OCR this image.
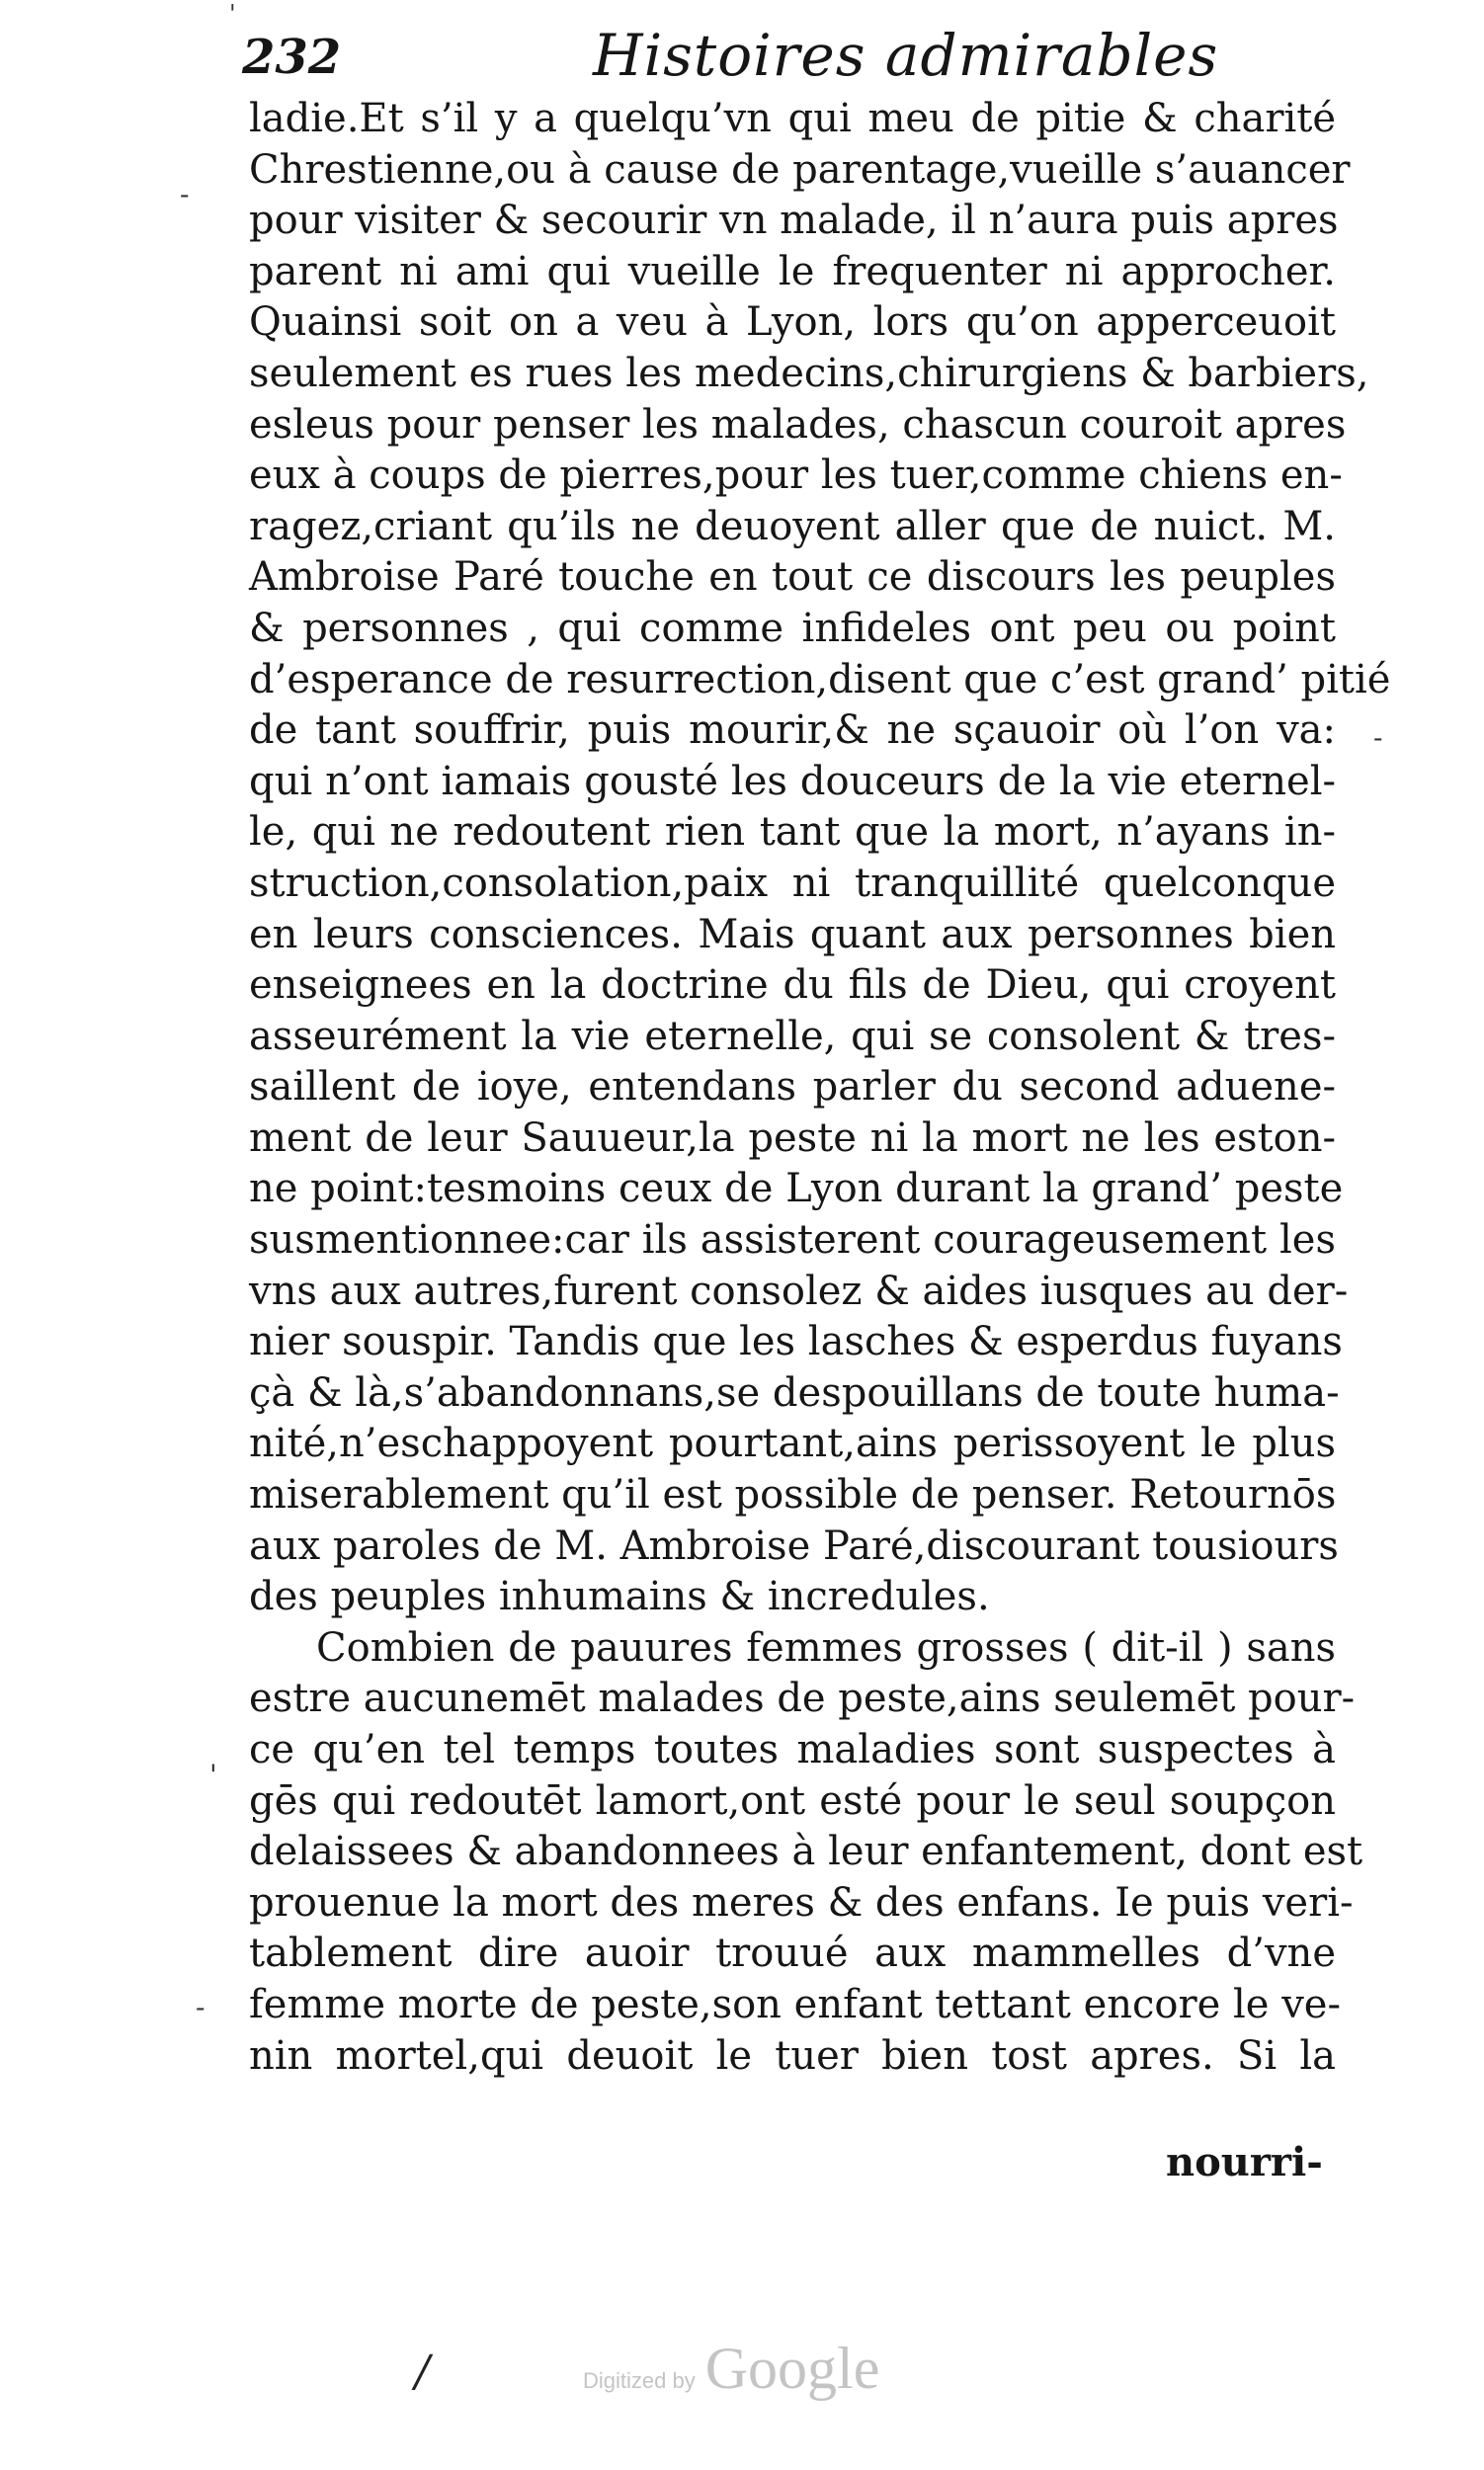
'
232	Histoires admirables
-
-
'
-
ladie.Et s’il y a quelqu’vn qui meu de pitie & charité
Chrestienne,ou à cause de parentage,vueille s’auancer
pour visiter & secourir vn malade, il n’aura puis apres
parent ni ami qui vueille le frequenter ni approcher.
Quainsi soit on a veu à Lyon, lors qu’on apperceuoit
seulement es rues les medecins,chirurgiens & barbiers,
esleus pour penser les malades, chascun couroit apres
eux à coups de pierres,pour les tuer,comme chiens en-
ragez,criant qu’ils ne deuoyent aller que de nuict. M.
Ambroise Paré touche en tout ce discours les peuples
& personnes , qui comme infideles ont peu ou point
d’esperance de resurrection,disent que c’est grand’ pitié
de tant souffrir, puis mourir,& ne sçauoir où l’on va:
qui n’ont iamais gousté les douceurs de la vie eternel-
le, qui ne redoutent rien tant que la mort, n’ayans in-
struction,consolation,paix ni tranquillité quelconque
en leurs consciences. Mais quant aux personnes bien
enseignees en la doctrine du fils de Dieu, qui croyent
asseurément la vie eternelle, qui se consolent & tres-
saillent de ioye, entendans parler du second aduene-
ment de leur Sauueur,la peste ni la mort ne les eston-
ne point:tesmoins ceux de Lyon durant la grand’ peste
susmentionnee:car ils assisterent courageusement les
vns aux autres,furent consolez & aides iusques au der-
nier souspir. Tandis que les lasches & esperdus fuyans
çà & là,s’abandonnans,se despouillans de toute huma-
nité,n’eschappoyent pourtant,ains perissoyent le plus
miserablement qu’il est possible de penser. Retournōs
aux paroles de M. Ambroise Paré,discourant tousiours
des peuples inhumains & incredules.
Combien de pauures femmes grosses ( dit-il ) sans
estre aucunemēt malades de peste,ains seulemēt pour-
ce qu’en tel temps toutes maladies sont suspectes à
gēs qui redoutēt lamort,ont esté pour le seul soupçon
delaissees & abandonnees à leur enfantement, dont est
prouenue la mort des meres & des enfans. Ie puis veri-
tablement dire auoir trouué aux mammelles d’vne
femme morte de peste,son enfant tettant encore le ve-
nin mortel,qui deuoit le tuer bien tost apres. Si la
nourri-
/	Digitized by Google
